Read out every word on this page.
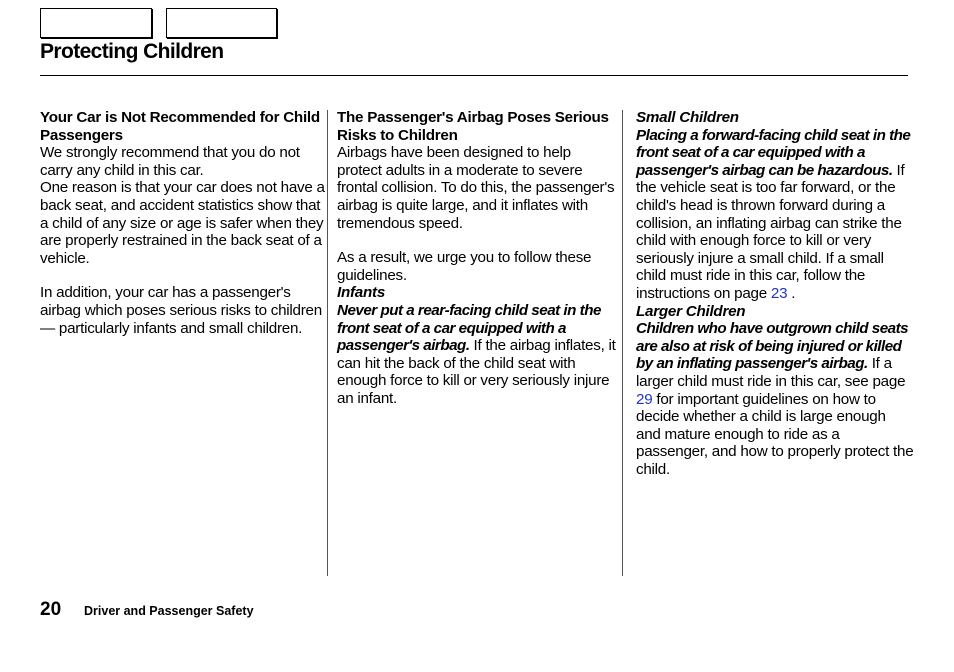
Protecting Children

Your Car is Not Recommended for Child Passengers

We strongly recommend that you do not carry any child in this car.

One reason is that your car does not have a back seat, and accident statistics show that a child of any size or age is safer when they are properly restrained in the back seat of a vehicle.

In addition, your car has a passenger's airbag which poses serious risks to children — particularly infants and small children.

The Passenger's Airbag Poses Serious Risks to Children

Airbags have been designed to help protect adults in a moderate to severe frontal collision. To do this, the passenger's airbag is quite large, and it inflates with tremendous speed.

As a result, we urge you to follow these guidelines.

Infants

Never put a rear-facing child seat in the front seat of a car equipped with a passenger's airbag. If the airbag inflates, it can hit the back of the child seat with enough force to kill or very seriously injure an infant.

Small Children

Placing a forward-facing child seat in the front seat of a car equipped with a passenger's airbag can be hazardous. If the vehicle seat is too far forward, or the child's head is thrown forward during a collision, an inflating airbag can strike the child with enough force to kill or very seriously injure a small child. If a small child must ride in this car, follow the instructions on page 23 .

Larger Children

Children who have outgrown child seats are also at risk of being injured or killed by an inflating passenger's airbag. If a larger child must ride in this car, see page 29 for important guidelines on how to decide whether a child is large enough and mature enough to ride as a passenger, and how to properly protect the child.

20 Driver and Passenger Safety
